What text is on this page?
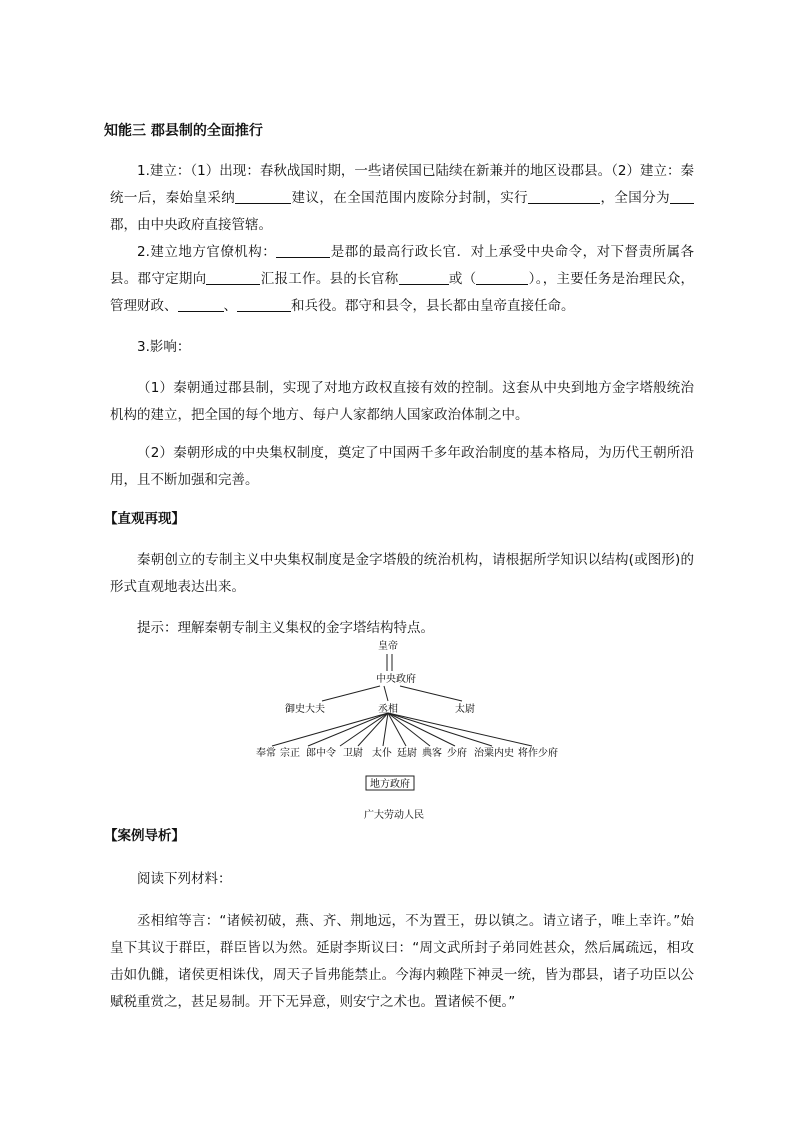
知能三 郡县制的全面推行

1.建立：（1）出现：春秋战国时期，一些诸侯国已陆续在新兼并的地区设郡县。（2）建立：秦统一后，秦始皇采纳	建议，在全国范围内废除分封制，实行	，全国分为郡，由中央政府直接管辖。

2.建立地方官僚机构：	是郡的最高行政长官．对上承受中央命令，对下督责所属各县。郡守定期向	汇报工作。县的长官称	或（	）。，主要任务是治理民众，管理财政、	、	和兵役。郡守和县令，县长都由皇帝直接任命。

3.影响：

（1）秦朝通过郡县制，实现了对地方政权直接有效的控制。这套从中央到地方金字塔般统治机构的建立，把全国的每个地方、每户人家都纳人国家政治体制之中。

（2）秦朝形成的中央集权制度，奠定了中国两千多年政治制度的基本格局，为历代王朝所沿用，且不断加强和完善。

【直观再现】

秦朝创立的专制主义中央集权制度是金字塔般的统治机构，请根据所学知识以结构(或图形)的形式直观地表达出来。

提示：理解秦朝专制主义集权的金字塔结构特点。

皇帝
中央政府
御史大夫	丞相	太尉
奉常 宗正 郎中令 卫尉 太仆 廷尉 典客 少府 治粟内史 将作少府
地方政府
广大劳动人民

【案例导析】

阅读下列材料：

丞相绾等言：“诸候初破，燕、齐、荆地远，不为置王，毋以镇之。请立诸子，唯上幸许。”始皇下其议于群臣，群臣皆以为然。延尉李斯议曰：“周文武所封子弟同姓甚众，然后属疏远，相攻击如仇雠，诸侯更相诛伐，周天子旨弗能禁止。今海内赖陛下神灵一统，皆为郡县，诸子功臣以公赋税重赏之，甚足易制。开下无异意，则安宁之术也。置诸候不便。”
